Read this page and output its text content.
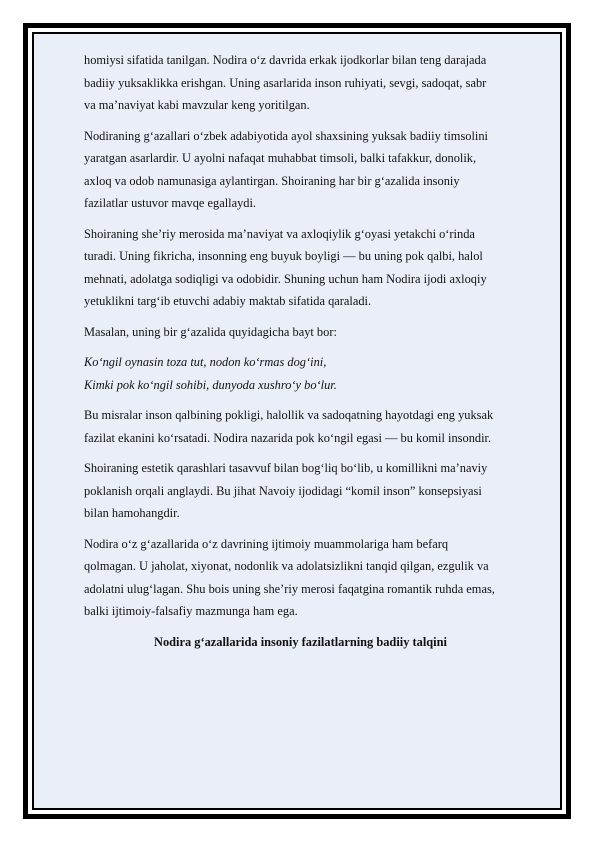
homiysi sifatida tanilgan. Nodira o‘z davrida erkak ijodkorlar bilan teng darajada
badiiy yuksaklikka erishgan. Uning asarlarida inson ruhiyati, sevgi, sadoqat, sabr
va ma’naviyat kabi mavzular keng yoritilgan.

Nodiraning g‘azallari o‘zbek adabiyotida ayol shaxsining yuksak badiiy timsolini
yaratgan asarlardir. U ayolni nafaqat muhabbat timsoli, balki tafakkur, donolik,
axloq va odob namunasiga aylantirgan. Shoiraning har bir g‘azalida insoniy
fazilatlar ustuvor mavqe egallaydi.

Shoiraning she’riy merosida ma’naviyat va axloqiylik g‘oyasi yetakchi o‘rinda
turadi. Uning fikricha, insonning eng buyuk boyligi — bu uning pok qalbi, halol
mehnati, adolatga sodiqligi va odobidir. Shuning uchun ham Nodira ijodi axloqiy
yetuklikni targ‘ib etuvchi adabiy maktab sifatida qaraladi.

Masalan, uning bir g‘azalida quyidagicha bayt bor:

Ko‘ngil oynasin toza tut, nodon ko‘rmas dog‘ini,
Kimki pok ko‘ngil sohibi, dunyoda xushro‘y bo‘lur.

Bu misralar inson qalbining pokligi, halollik va sadoqatning hayotdagi eng yuksak
fazilat ekanini ko‘rsatadi. Nodira nazarida pok ko‘ngil egasi — bu komil insondir.

Shoiraning estetik qarashlari tasavvuf bilan bog‘liq bo‘lib, u komillikni ma’naviy
poklanish orqali anglaydi. Bu jihat Navoiy ijodidagi “komil inson” konsepsiyasi
bilan hamohangdir.

Nodira o‘z g‘azallarida o‘z davrining ijtimoiy muammolariga ham befarq
qolmagan. U jaholat, xiyonat, nodonlik va adolatsizlikni tanqid qilgan, ezgulik va
adolatni ulug‘lagan. Shu bois uning she’riy merosi faqatgina romantik ruhda emas,
balki ijtimoiy-falsafiy mazmunga ham ega.

Nodira g‘azallarida insoniy fazilatlarning badiiy talqini
